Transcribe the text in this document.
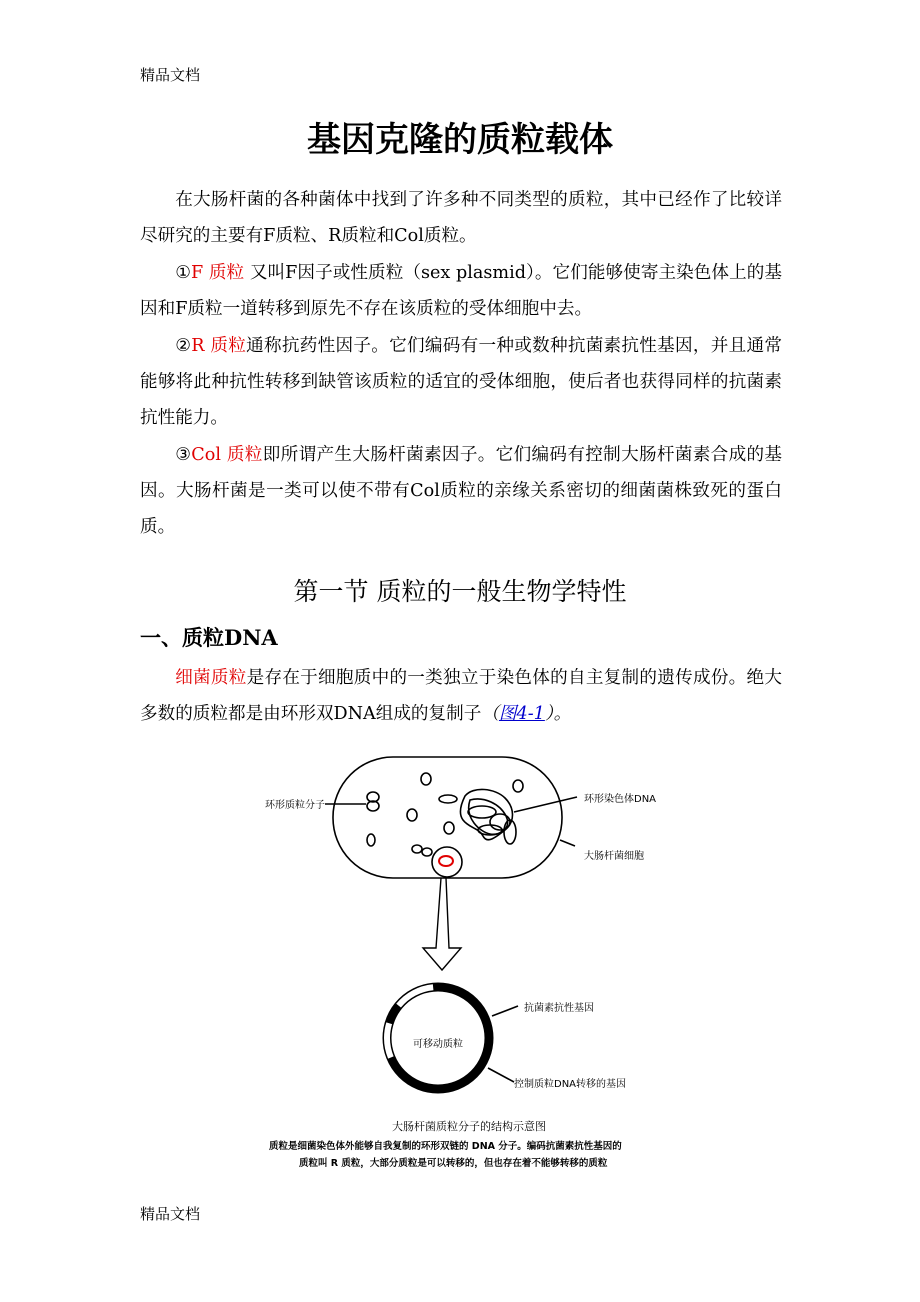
精品文档
基因克隆的质粒载体

在大肠杆菌的各种菌体中找到了许多种不同类型的质粒，其中已经作了比较详尽研究的主要有F质粒、R质粒和Col质粒。

①F 质粒 又叫F因子或性质粒（sex plasmid）。它们能够使寄主染色体上的基因和F质粒一道转移到原先不存在该质粒的受体细胞中去。

②R 质粒通称抗药性因子。它们编码有一种或数种抗菌素抗性基因，并且通常能够将此种抗性转移到缺管该质粒的适宜的受体细胞，使后者也获得同样的抗菌素抗性能力。

③Col 质粒即所谓产生大肠杆菌素因子。它们编码有控制大肠杆菌素合成的基因。大肠杆菌是一类可以使不带有Col质粒的亲缘关系密切的细菌菌株致死的蛋白质。

第一节 质粒的一般生物学特性
一、质粒DNA

细菌质粒是存在于细胞质中的一类独立于染色体的自主复制的遗传成份。绝大多数的质粒都是由环形双DNA组成的复制子（图4-1）。

环形质粒分子
环形染色体DNA
大肠杆菌细胞
可移动质粒
抗菌素抗性基因
控制质粒DNA转移的基因
大肠杆菌质粒分子的结构示意图
质粒是细菌染色体外能够自我复制的环形双链的 DNA 分子。编码抗菌素抗性基因的
质粒叫 R 质粒，大部分质粒是可以转移的，但也存在着不能够转移的质粒
精品文档
